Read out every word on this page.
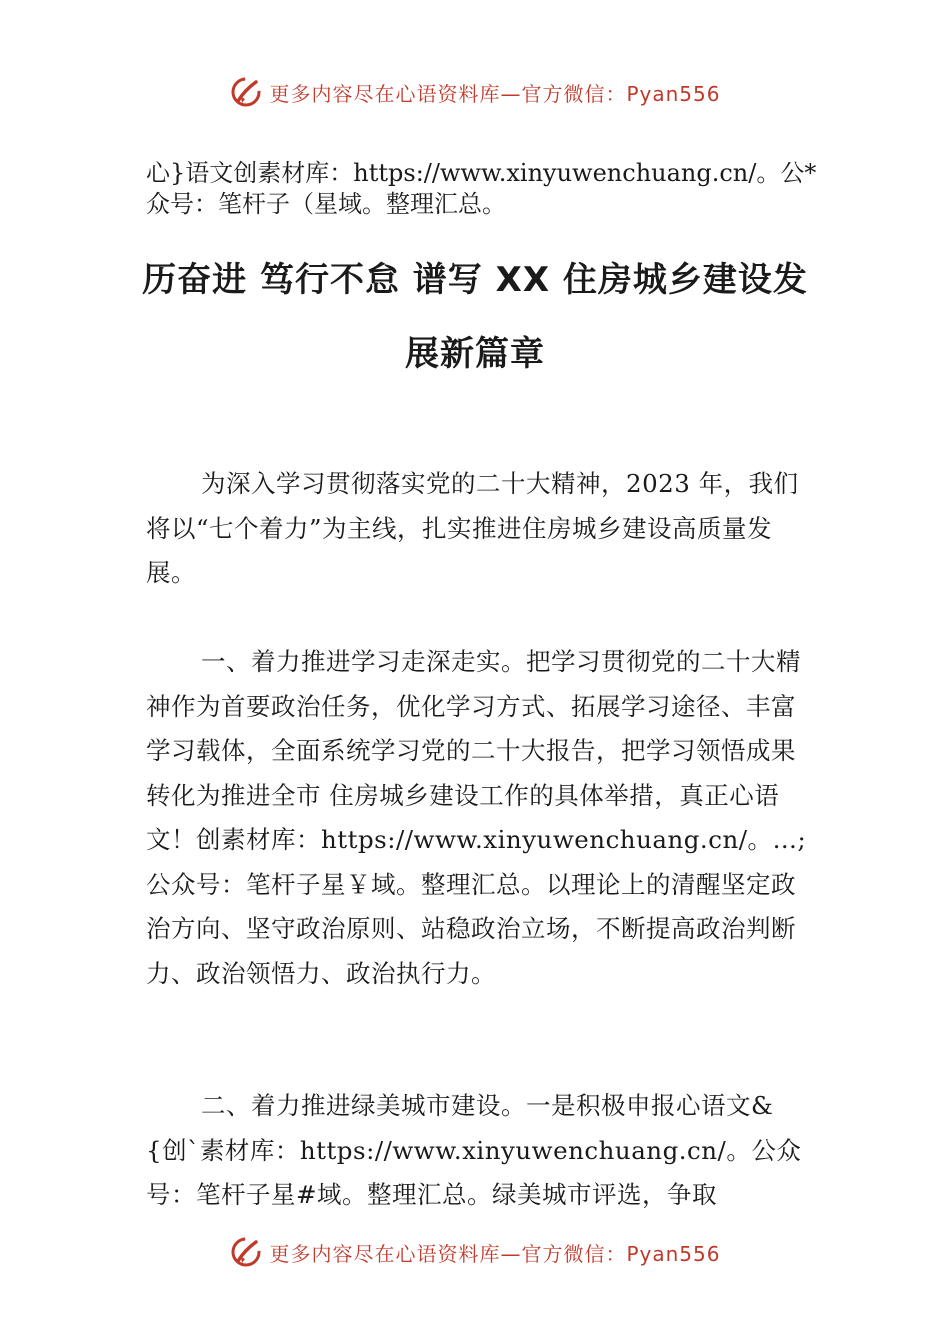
更多内容尽在心语资料库—官方微信：Pyan556
心}语文创素材库：https://www.xinyuwenchuang.cn/。公*
众号：笔杆子（星域。整理汇总。
历奋进 笃行不怠 谱写 XX 住房城乡建设发
展新篇章

为深入学习贯彻落实党的二十大精神，2023 年，我们将以“七个着力”为主线，扎实推进住房城乡建设高质量发展。

一、着力推进学习走深走实。把学习贯彻党的二十大精神作为首要政治任务，优化学习方式、拓展学习途径、丰富学习载体，全面系统学习党的二十大报告，把学习领悟成果转化为推进全市 住房城乡建设工作的具体举措，真正心语文！创素材库：https://www.xinyuwenchuang.cn/。…;公众号：笔杆子星￥域。整理汇总。以理论上的清醒坚定政治方向、坚守政治原则、站稳政治立场，不断提高政治判断力、政治领悟力、政治执行力。

二、着力推进绿美城市建设。一是积极申报心语文&{创`素材库：https://www.xinyuwenchuang.cn/。公众号：笔杆子星#域。整理汇总。绿美城市评选，争取

更多内容尽在心语资料库—官方微信：Pyan556
